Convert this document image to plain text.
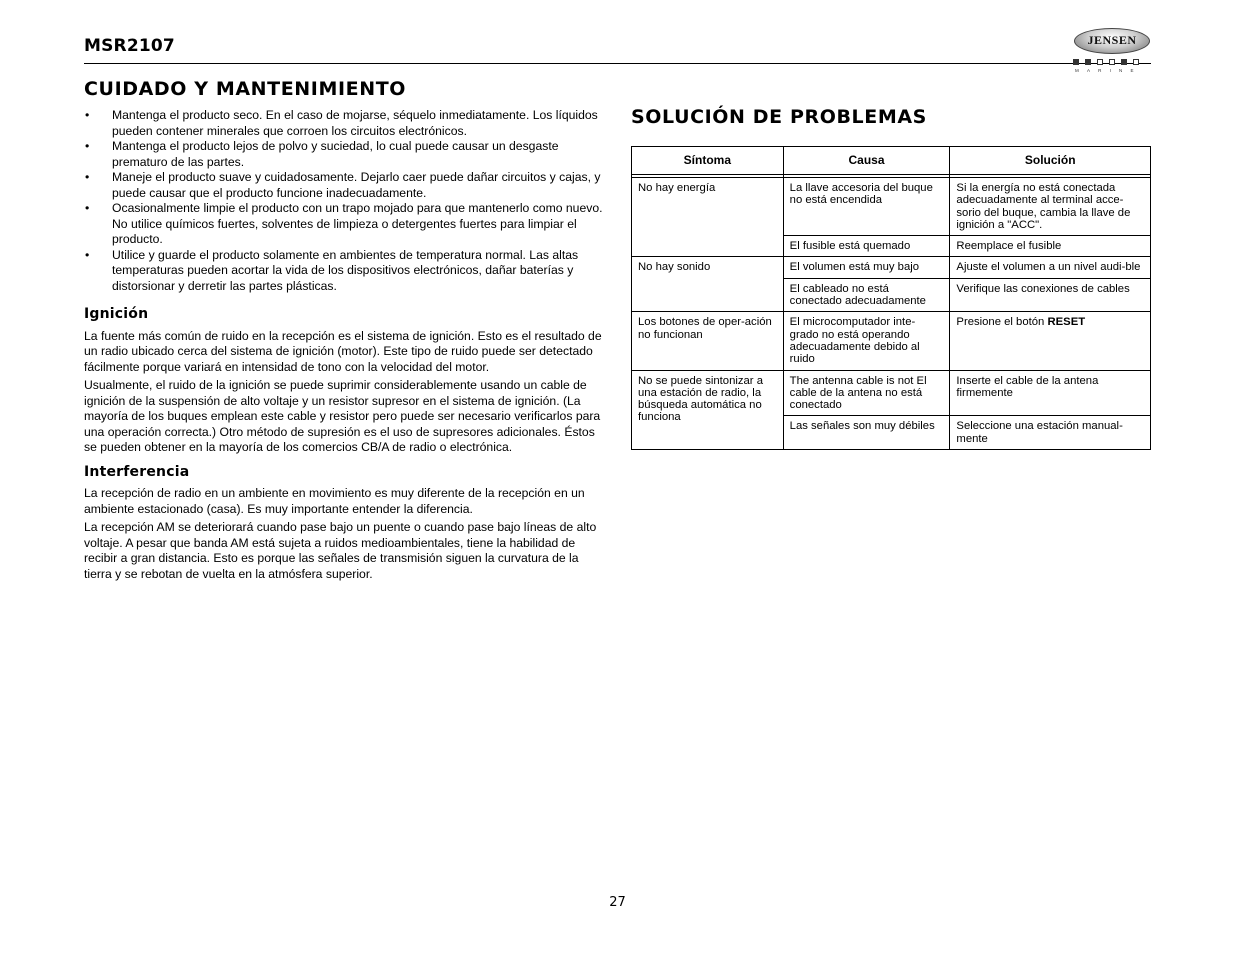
MSR2107	JENSEN
MARINE
CUIDADO Y MANTENIMIENTO
• Mantenga el producto seco. En el caso de mojarse, séquelo inmediatamente. Los líquidos pueden contener minerales que corroen los circuitos electrónicos.
• Mantenga el producto lejos de polvo y suciedad, lo cual puede causar un desgaste prematuro de las partes.
• Maneje el producto suave y cuidadosamente. Dejarlo caer puede dañar circuitos y cajas, y puede causar que el producto funcione inadecuadamente.
• Ocasionalmente limpie el producto con un trapo mojado para que mantenerlo como nuevo. No utilice químicos fuertes, solventes de limpieza o detergentes fuertes para limpiar el producto.
• Utilice y guarde el producto solamente en ambientes de temperatura normal. Las altas temperaturas pueden acortar la vida de los dispositivos electrónicos, dañar baterías y distorsionar y derretir las partes plásticas.
Ignición

La fuente más común de ruido en la recepción es el sistema de ignición. Esto es el resultado de un radio ubicado cerca del sistema de ignición (motor). Este tipo de ruido puede ser detectado fácilmente porque variará en intensidad de tono con la velocidad del motor.

Usualmente, el ruido de la ignición se puede suprimir considerablemente usando un cable de ignición de la suspensión de alto voltaje y un resistor supresor en el sistema de ignición. (La mayoría de los buques emplean este cable y resistor pero puede ser necesario verificarlos para una operación correcta.) Otro método de supresión es el uso de supresores adicionales. Éstos se pueden obtener en la mayoría de los comercios CB/A de radio o electrónica.

Interferencia

La recepción de radio en un ambiente en movimiento es muy diferente de la recepción en un ambiente estacionado (casa). Es muy importante entender la diferencia.

La recepción AM se deteriorará cuando pase bajo un puente o cuando pase bajo líneas de alto voltaje. A pesar que banda AM está sujeta a ruidos medioambientales, tiene la habilidad de recibir a gran distancia. Esto es porque las señales de transmisión siguen la curvatura de la tierra y se rebotan de vuelta en la atmósfera superior.

SOLUCIÓN DE PROBLEMAS
Síntoma	Causa	Solución

No hay energía	La llave accesoria del buque no está encendida	Si la energía no está conectada adecuadamente al terminal acce-sorio del buque, cambia la llave de ignición a "ACC".
	El fusible está quemado	Reemplace el fusible
No hay sonido	El volumen está muy bajo	Ajuste el volumen a un nivel audi-ble
	El cableado no está conectado adecuadamente	Verifique las conexiones de cables
Los botones de oper-ación no funcionan	El microcomputador inte-grado no está operando adecuadamente debido al ruido	Presione el botón RESET
No se puede sintonizar a una estación de radio, la búsqueda automática no funciona	The antenna cable is not El cable de la antena no está conectado	Inserte el cable de la antena firmemente
	Las señales son muy débiles	Seleccione una estación manual-mente
27
